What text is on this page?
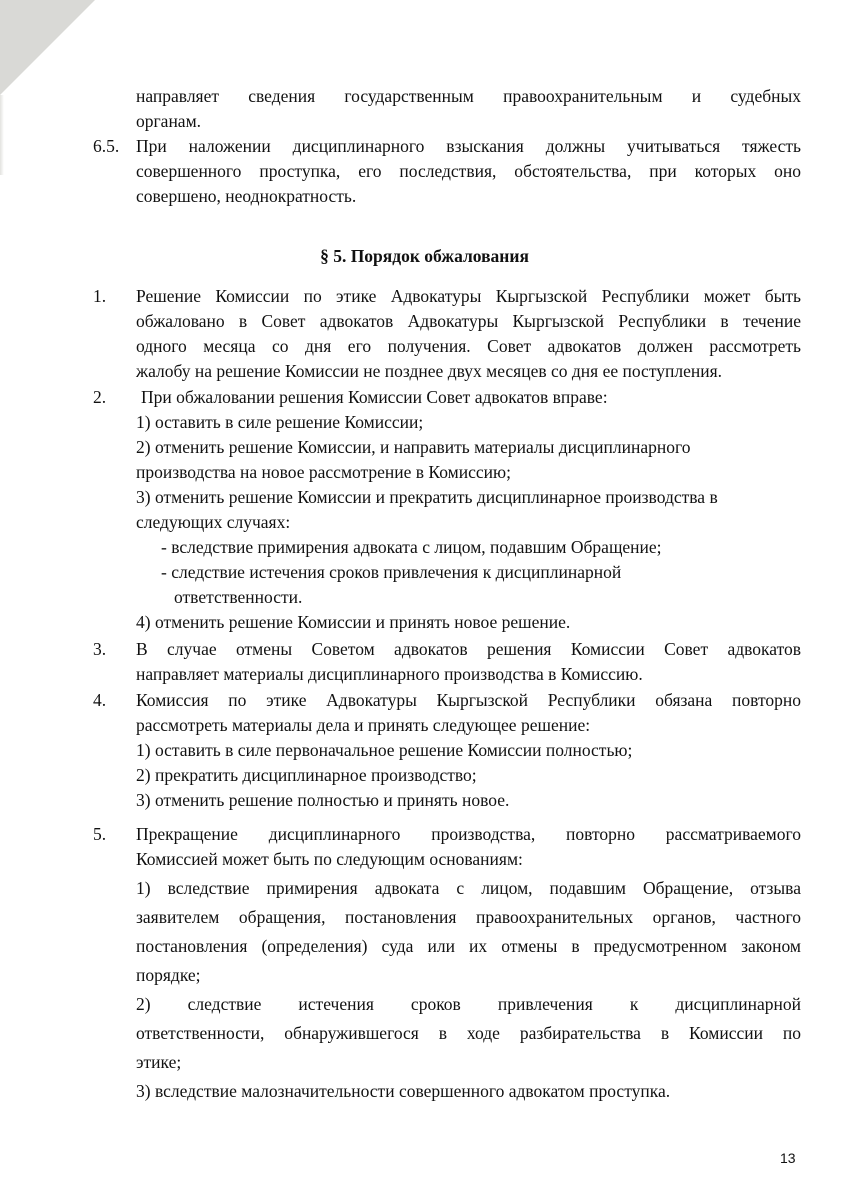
направляет сведения государственным правоохранительным и судебных
органам.
6.5. При наложении дисциплинарного взыскания должны учитываться тяжесть
совершенного проступка, его последствия, обстоятельства, при которых оно
совершено, неоднократность.
§ 5. Порядок обжалования
1. Решение Комиссии по этике Адвокатуры Кыргызской Республики может быть
обжаловано в Совет адвокатов Адвокатуры Кыргызской Республики в течение
одного месяца со дня его получения. Совет адвокатов должен рассмотреть
жалобу на решение Комиссии не позднее двух месяцев со дня ее поступления.
2. При обжаловании решения Комиссии Совет адвокатов вправе:
1) оставить в силе решение Комиссии;
2) отменить решение Комиссии, и направить материалы дисциплинарного
производства на новое рассмотрение в Комиссию;
3) отменить решение Комиссии и прекратить дисциплинарное производства в
следующих случаях:
- вследствие примирения адвоката с лицом, подавшим Обращение;
- следствие истечения сроков привлечения к дисциплинарной
ответственности.
4) отменить решение Комиссии и принять новое решение.
3. В случае отмены Советом адвокатов решения Комиссии Совет адвокатов
направляет материалы дисциплинарного производства в Комиссию.
4. Комиссия по этике Адвокатуры Кыргызской Республики обязана повторно
рассмотреть материалы дела и принять следующее решение:
1) оставить в силе первоначальное решение Комиссии полностью;
2) прекратить дисциплинарное производство;
3) отменить решение полностью и принять новое.
5. Прекращение дисциплинарного производства, повторно рассматриваемого
Комиссией может быть по следующим основаниям:
1) вследствие примирения адвоката с лицом, подавшим Обращение, отзыва
заявителем обращения, постановления правоохранительных органов, частного
постановления (определения) суда или их отмены в предусмотренном законом
порядке;
2) следствие истечения сроков привлечения к дисциплинарной
ответственности, обнаружившегося в ходе разбирательства в Комиссии по
этике;
3) вследствие малозначительности совершенного адвокатом проступка.
13
